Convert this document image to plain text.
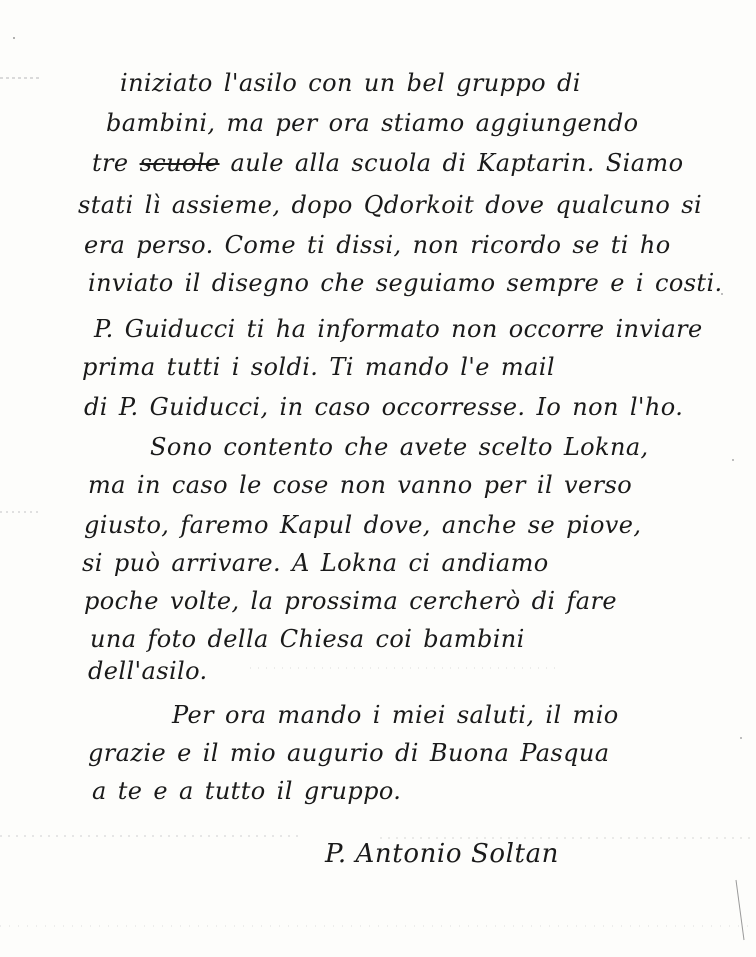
iniziato l'asilo con un bel gruppo di

bambini, ma per ora stiamo aggiungendo

tre scuole aule alla scuola di Kaptarin. Siamo

stati lì assieme, dopo Qdorkoit dove qualcuno si

era perso. Come ti dissi, non ricordo se ti ho

inviato il disegno che seguiamo sempre e i costi.

P. Guiducci ti ha informato non occorre inviare

prima tutti i soldi. Ti mando l'e mail

di P. Guiducci, in caso occorresse. Io non l'ho.

Sono contento che avete scelto Lokna,

ma in caso le cose non vanno per il verso

giusto, faremo Kapul dove, anche se piove,

si può arrivare. A Lokna ci andiamo

poche volte, la prossima cercherò di fare

una foto della Chiesa coi bambini

dell'asilo.

Per ora mando i miei saluti, il mio

grazie e il mio augurio di Buona Pasqua

a te e a tutto il gruppo.

P. Antonio Soltan
